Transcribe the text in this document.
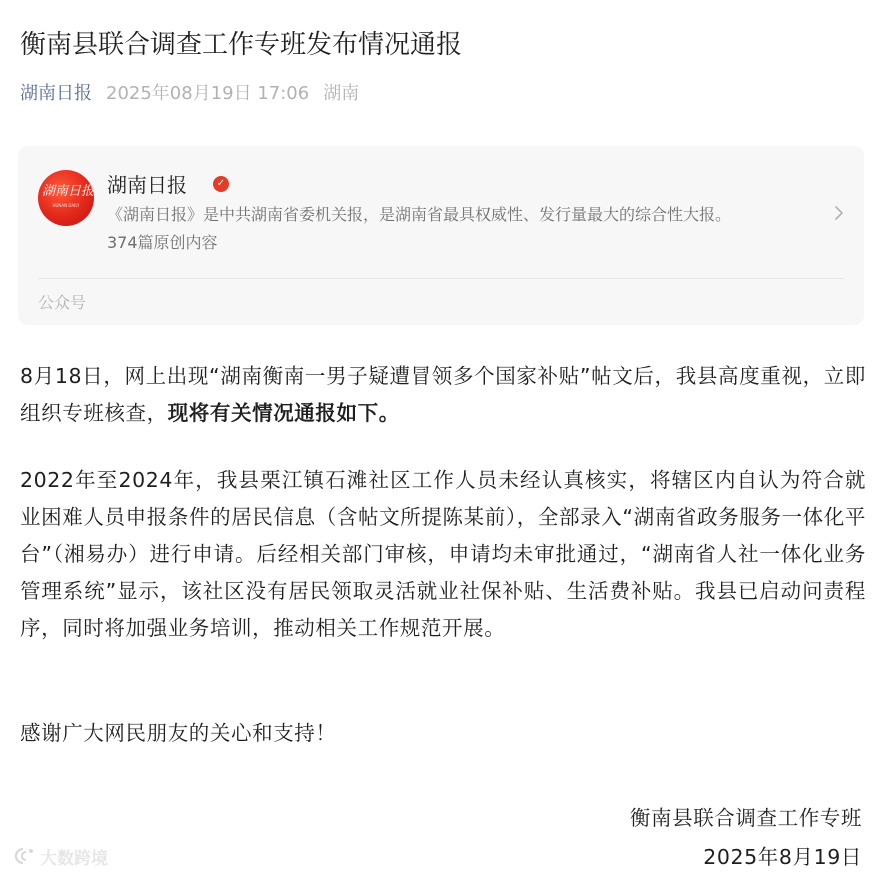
衡南县联合调查工作专班发布情况通报
湖南日报 2025年08月19日 17:06 湖南
湖南日报
HUNAN DAILY
湖南日报	✓
《湖南日报》是中共湖南省委机关报，是湖南省最具权威性、发行量最大的综合性大报。
374篇原创内容
公众号

8月18日，网上出现“湖南衡南一男子疑遭冒领多个国家补贴”帖文后，我县高度重视，立即组织专班核查，现将有关情况通报如下。

2022年至2024年，我县栗江镇石滩社区工作人员未经认真核实，将辖区内自认为符合就业困难人员申报条件的居民信息（含帖文所提陈某前），全部录入“湖南省政务服务一体化平台”（湘易办）进行申请。后经相关部门审核，申请均未审批通过，“湖南省人社一体化业务管理系统”显示，该社区没有居民领取灵活就业社保补贴、生活费补贴。我县已启动问责程序，同时将加强业务培训，推动相关工作规范开展。

感谢广大网民朋友的关心和支持！

衡南县联合调查工作专班
2025年8月19日
大数跨境
